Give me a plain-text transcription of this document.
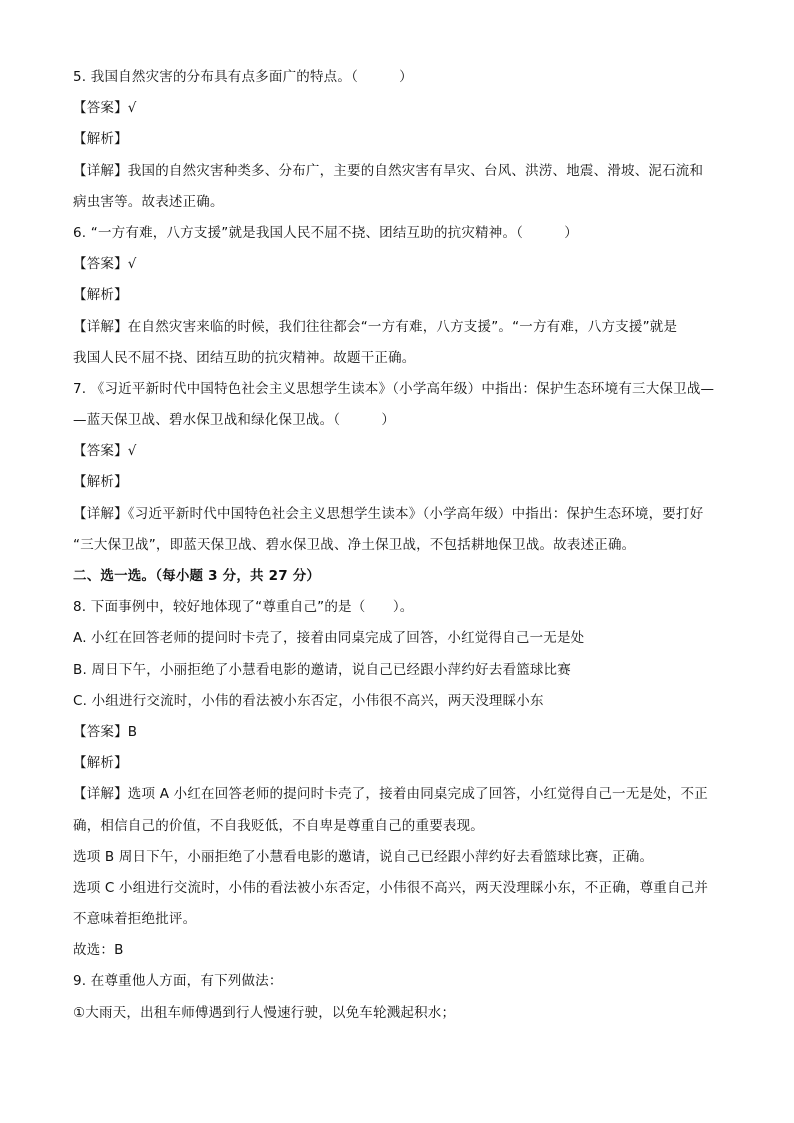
5. 我国自然灾害的分布具有点多面广的特点。（　　　）
【答案】√
【解析】
【详解】我国的自然灾害种类多、分布广，主要的自然灾害有旱灾、台风、洪涝、地震、滑坡、泥石流和
病虫害等。故表述正确。
6. “一方有难，八方支援”就是我国人民不屈不挠、团结互助的抗灾精神。（　　　）
【答案】√
【解析】
【详解】在自然灾害来临的时候，我们往往都会“一方有难，八方支援”。“一方有难，八方支援”就是
我国人民不屈不挠、团结互助的抗灾精神。故题干正确。
7. 《习近平新时代中国特色社会主义思想学生读本》（小学高年级）中指出：保护生态环境有三大保卫战—
—蓝天保卫战、碧水保卫战和绿化保卫战。（　　　）
【答案】√
【解析】
【详解】《习近平新时代中国特色社会主义思想学生读本》（小学高年级）中指出：保护生态环境，要打好
“三大保卫战”，即蓝天保卫战、碧水保卫战、净土保卫战，不包括耕地保卫战。故表述正确。
二、选一选。（每小题 3 分，共 27 分）
8. 下面事例中，较好地体现了“尊重自己”的是（　　）。
A. 小红在回答老师的提问时卡壳了，接着由同桌完成了回答，小红觉得自己一无是处
B. 周日下午，小丽拒绝了小慧看电影的邀请，说自己已经跟小萍约好去看篮球比赛
C. 小组进行交流时，小伟的看法被小东否定，小伟很不高兴，两天没理睬小东
【答案】B
【解析】
【详解】选项 A 小红在回答老师的提问时卡壳了，接着由同桌完成了回答，小红觉得自己一无是处，不正
确，相信自己的价值，不自我贬低，不自卑是尊重自己的重要表现。
选项 B 周日下午，小丽拒绝了小慧看电影的邀请，说自己已经跟小萍约好去看篮球比赛，正确。
选项 C 小组进行交流时，小伟的看法被小东否定，小伟很不高兴，两天没理睬小东，不正确，尊重自己并
不意味着拒绝批评。
故选：B
9. 在尊重他人方面，有下列做法：
①大雨天，出租车师傅遇到行人慢速行驶，以免车轮溅起积水；
